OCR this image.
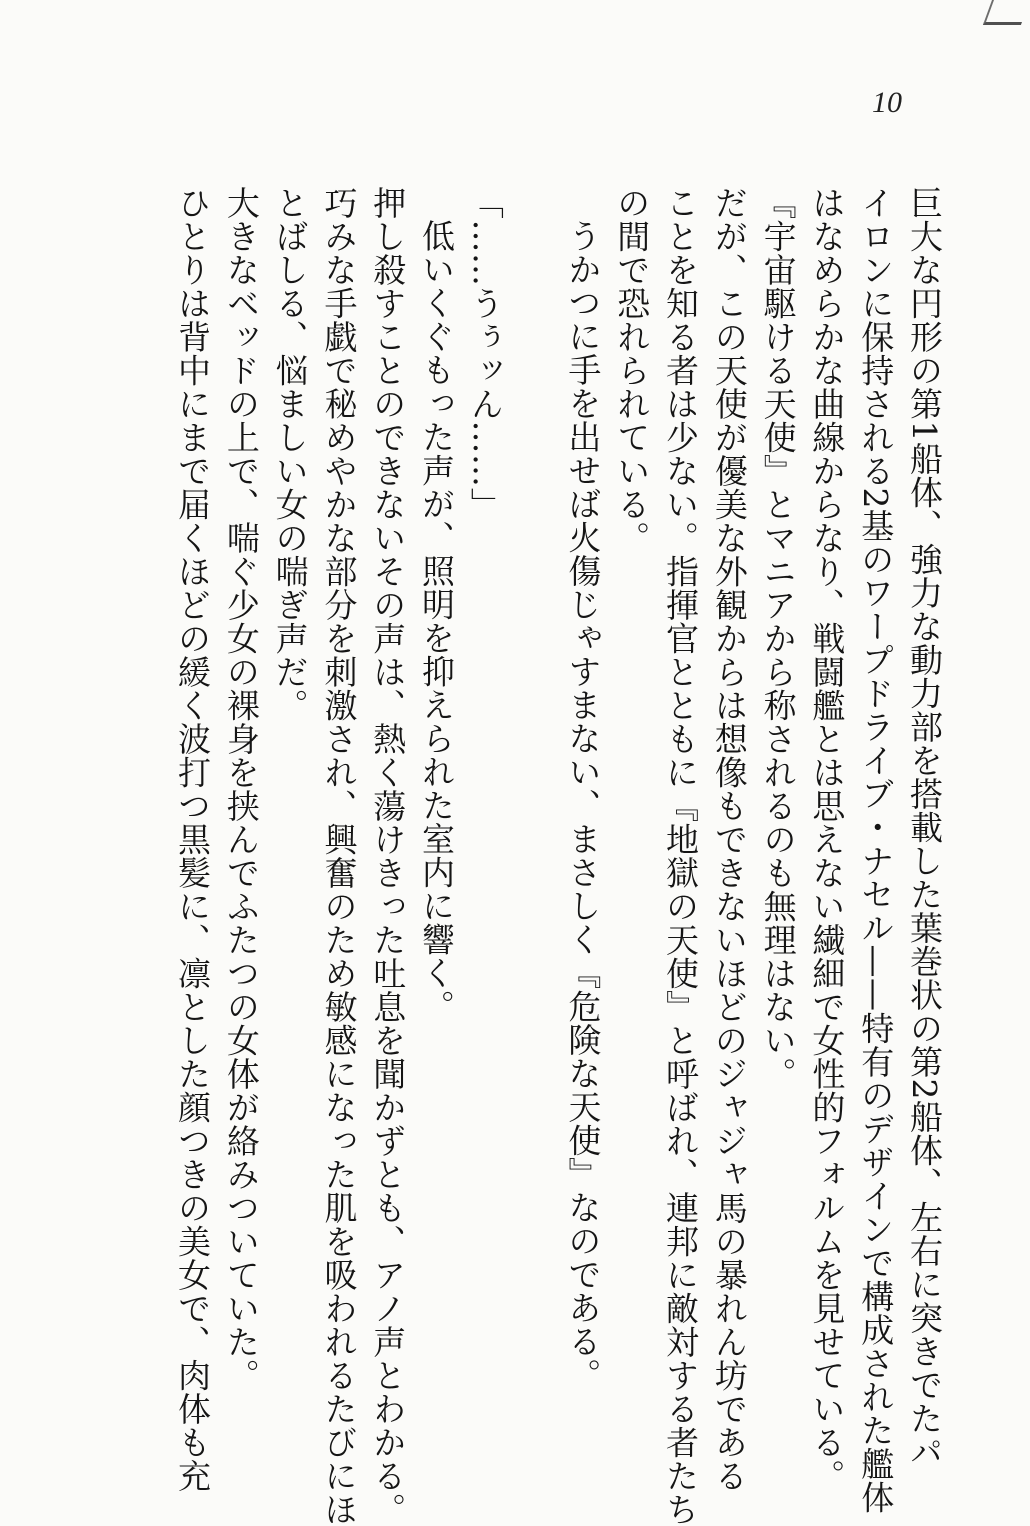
10
巨大な円形の第1船体、強力な動力部を搭載した葉巻状の第2船体、左右に突きでたパ
イロンに保持される2基のワープドライブ・ナセル——特有のデザインで構成された艦体
はなめらかな曲線からなり、戦闘艦とは思えない繊細で女性的フォルムを見せている。
『宇宙駆ける天使』とマニアから称されるのも無理はない。
だが、この天使が優美な外観からは想像もできないほどのジャジャ馬の暴れん坊である
ことを知る者は少ない。指揮官とともに『地獄の天使』と呼ばれ、連邦に敵対する者たち
の間で恐れられている。
うかつに手を出せば火傷じゃすまない、まさしく『危険な天使』なのである。
「……うぅッん……」
低いくぐもった声が、照明を抑えられた室内に響く。
押し殺すことのできないその声は、熱く蕩けきった吐息を聞かずとも、アノ声とわかる。
巧みな手戯で秘めやかな部分を刺激され、興奮のため敏感になった肌を吸われるたびにほ
とばしる、悩ましい女の喘ぎ声だ。
大きなベッドの上で、喘ぐ少女の裸身を挟んでふたつの女体が絡みついていた。
ひとりは背中にまで届くほどの緩く波打つ黒髪に、凛とした顔つきの美女で、肉体も充
